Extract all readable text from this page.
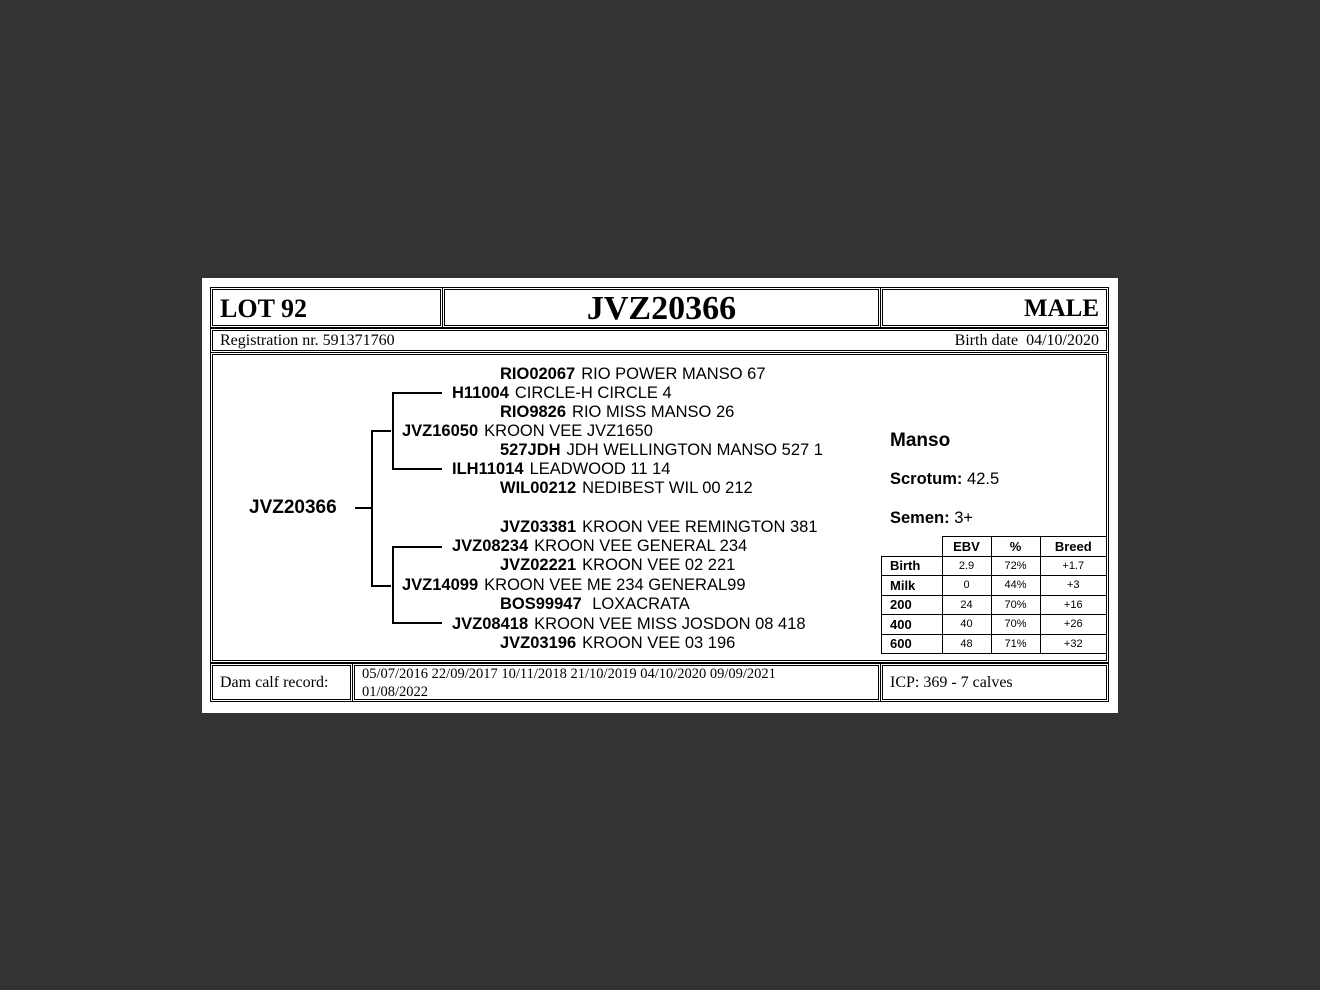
LOT 92	JVZ20366	MALE
Registration nr. 591371760	Birth date  04/10/2020
JVZ20366
RIO02067 RIO POWER MANSO 67
H11004 CIRCLE-H CIRCLE 4
RIO9826 RIO MISS MANSO 26
JVZ16050 KROON VEE JVZ1650
527JDH JDH WELLINGTON MANSO 527 1
ILH11014 LEADWOOD 11 14
WIL00212 NEDIBEST WIL 00 212
JVZ03381 KROON VEE REMINGTON 381
JVZ08234 KROON VEE GENERAL 234
JVZ02221 KROON VEE 02 221
JVZ14099 KROON VEE ME 234 GENERAL99
BOS99947 LOXACRATA
JVZ08418 KROON VEE MISS JOSDON 08 418
JVZ03196 KROON VEE 03 196
Manso
Scrotum: 42.5
Semen: 3+
	EBV	%	Breed
Birth	2.9	72%	+1.7
Milk	0	44%	+3
200	24	70%	+16
400	40	70%	+26
600	48	71%	+32
Dam calf record: 05/07/2016 22/09/2017 10/11/2018 21/10/2019 04/10/2020 09/09/2021
01/08/2022
ICP: 369 - 7 calves
